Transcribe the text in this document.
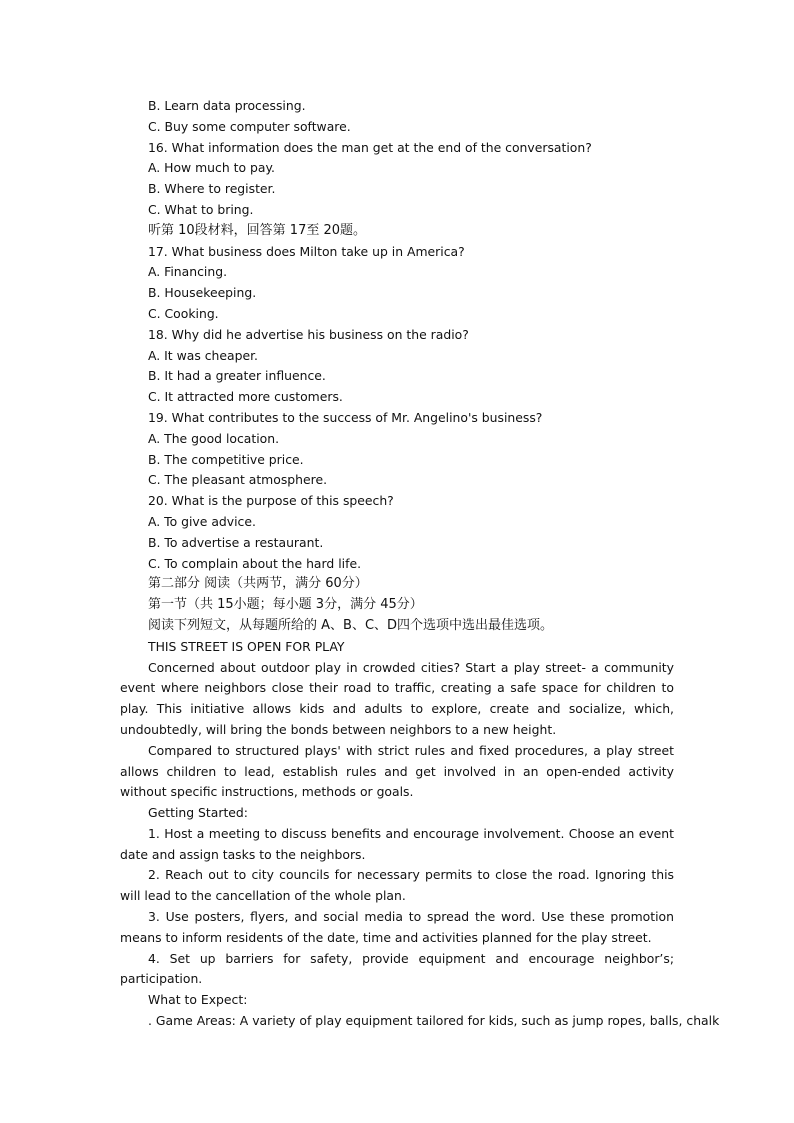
B. Learn data processing.
C. Buy some computer software.
16. What information does the man get at the end of the conversation?
A. How much to pay.
B. Where to register.
C. What to bring.
听第 10段材料，回答第 17至 20题。
17. What business does Milton take up in America?
A. Financing.
B. Housekeeping.
C. Cooking.
18. Why did he advertise his business on the radio?
A. It was cheaper.
B. It had a greater influence.
C. It attracted more customers.
19. What contributes to the success of Mr. Angelino's business?
A. The good location.
B. The competitive price.
C. The pleasant atmosphere.
20. What is the purpose of this speech?
A. To give advice.
B. To advertise a restaurant.
C. To complain about the hard life.
第二部分 阅读（共两节，满分 60分）
第一节（共 15小题；每小题 3分，满分 45分）
阅读下列短文，从每题所给的 A、B、C、D四个选项中选出最佳选项。
THIS STREET IS OPEN FOR PLAY

Concerned about outdoor play in crowded cities? Start a play street- a community event where neighbors close their road to traffic, creating a safe space for children to play. This initiative allows kids and adults to explore, create and socialize, which, undoubtedly, will bring the bonds between neighbors to a new height.

Compared to structured plays' with strict rules and fixed procedures, a play street allows children to lead, establish rules and get involved in an open-ended activity without specific instructions, methods or goals.

Getting Started:

1. Host a meeting to discuss benefits and encourage involvement. Choose an event date and assign tasks to the neighbors.

2. Reach out to city councils for necessary permits to close the road. Ignoring this will lead to the cancellation of the whole plan.

3. Use posters, flyers, and social media to spread the word. Use these promotion means to inform residents of the date, time and activities planned for the play street.

4. Set up barriers for safety, provide equipment and encourage neighbor’s; participation.

What to Expect:
. Game Areas: A variety of play equipment tailored for kids, such as jump ropes, balls, chalk
